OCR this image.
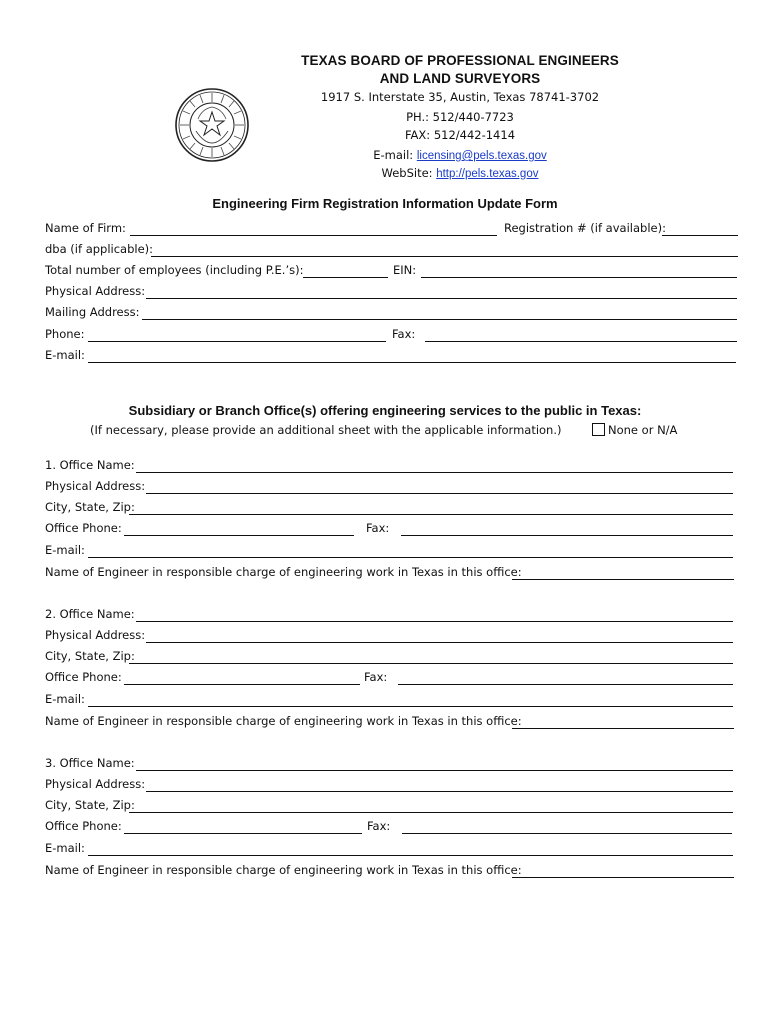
TEXAS BOARD OF PROFESSIONAL ENGINEERS
AND LAND SURVEYORS
1917 S. Interstate 35, Austin, Texas 78741-3702
PH.: 512/440-7723
FAX: 512/442-1414
E-mail: licensing@pels.texas.gov
WebSite: http://pels.texas.gov
Engineering Firm Registration Information Update Form
Name of Firm:	Registration # (if available):
dba (if applicable):
Total number of employees (including P.E.’s):	EIN:
Physical Address:
Mailing Address:
Phone:	Fax:
E-mail:
Subsidiary or Branch Office(s) offering engineering services to the public in Texas:
(If necessary, please provide an additional sheet with the applicable information.)	None or N/A
1. Office Name:
Physical Address:
City, State, Zip:
Office Phone:	Fax:
E-mail:
Name of Engineer in responsible charge of engineering work in Texas in this office:
2. Office Name:
Physical Address:
City, State, Zip:
Office Phone:	Fax:
E-mail:
Name of Engineer in responsible charge of engineering work in Texas in this office:
3. Office Name:
Physical Address:
City, State, Zip:
Office Phone:	Fax:
E-mail:
Name of Engineer in responsible charge of engineering work in Texas in this office:
